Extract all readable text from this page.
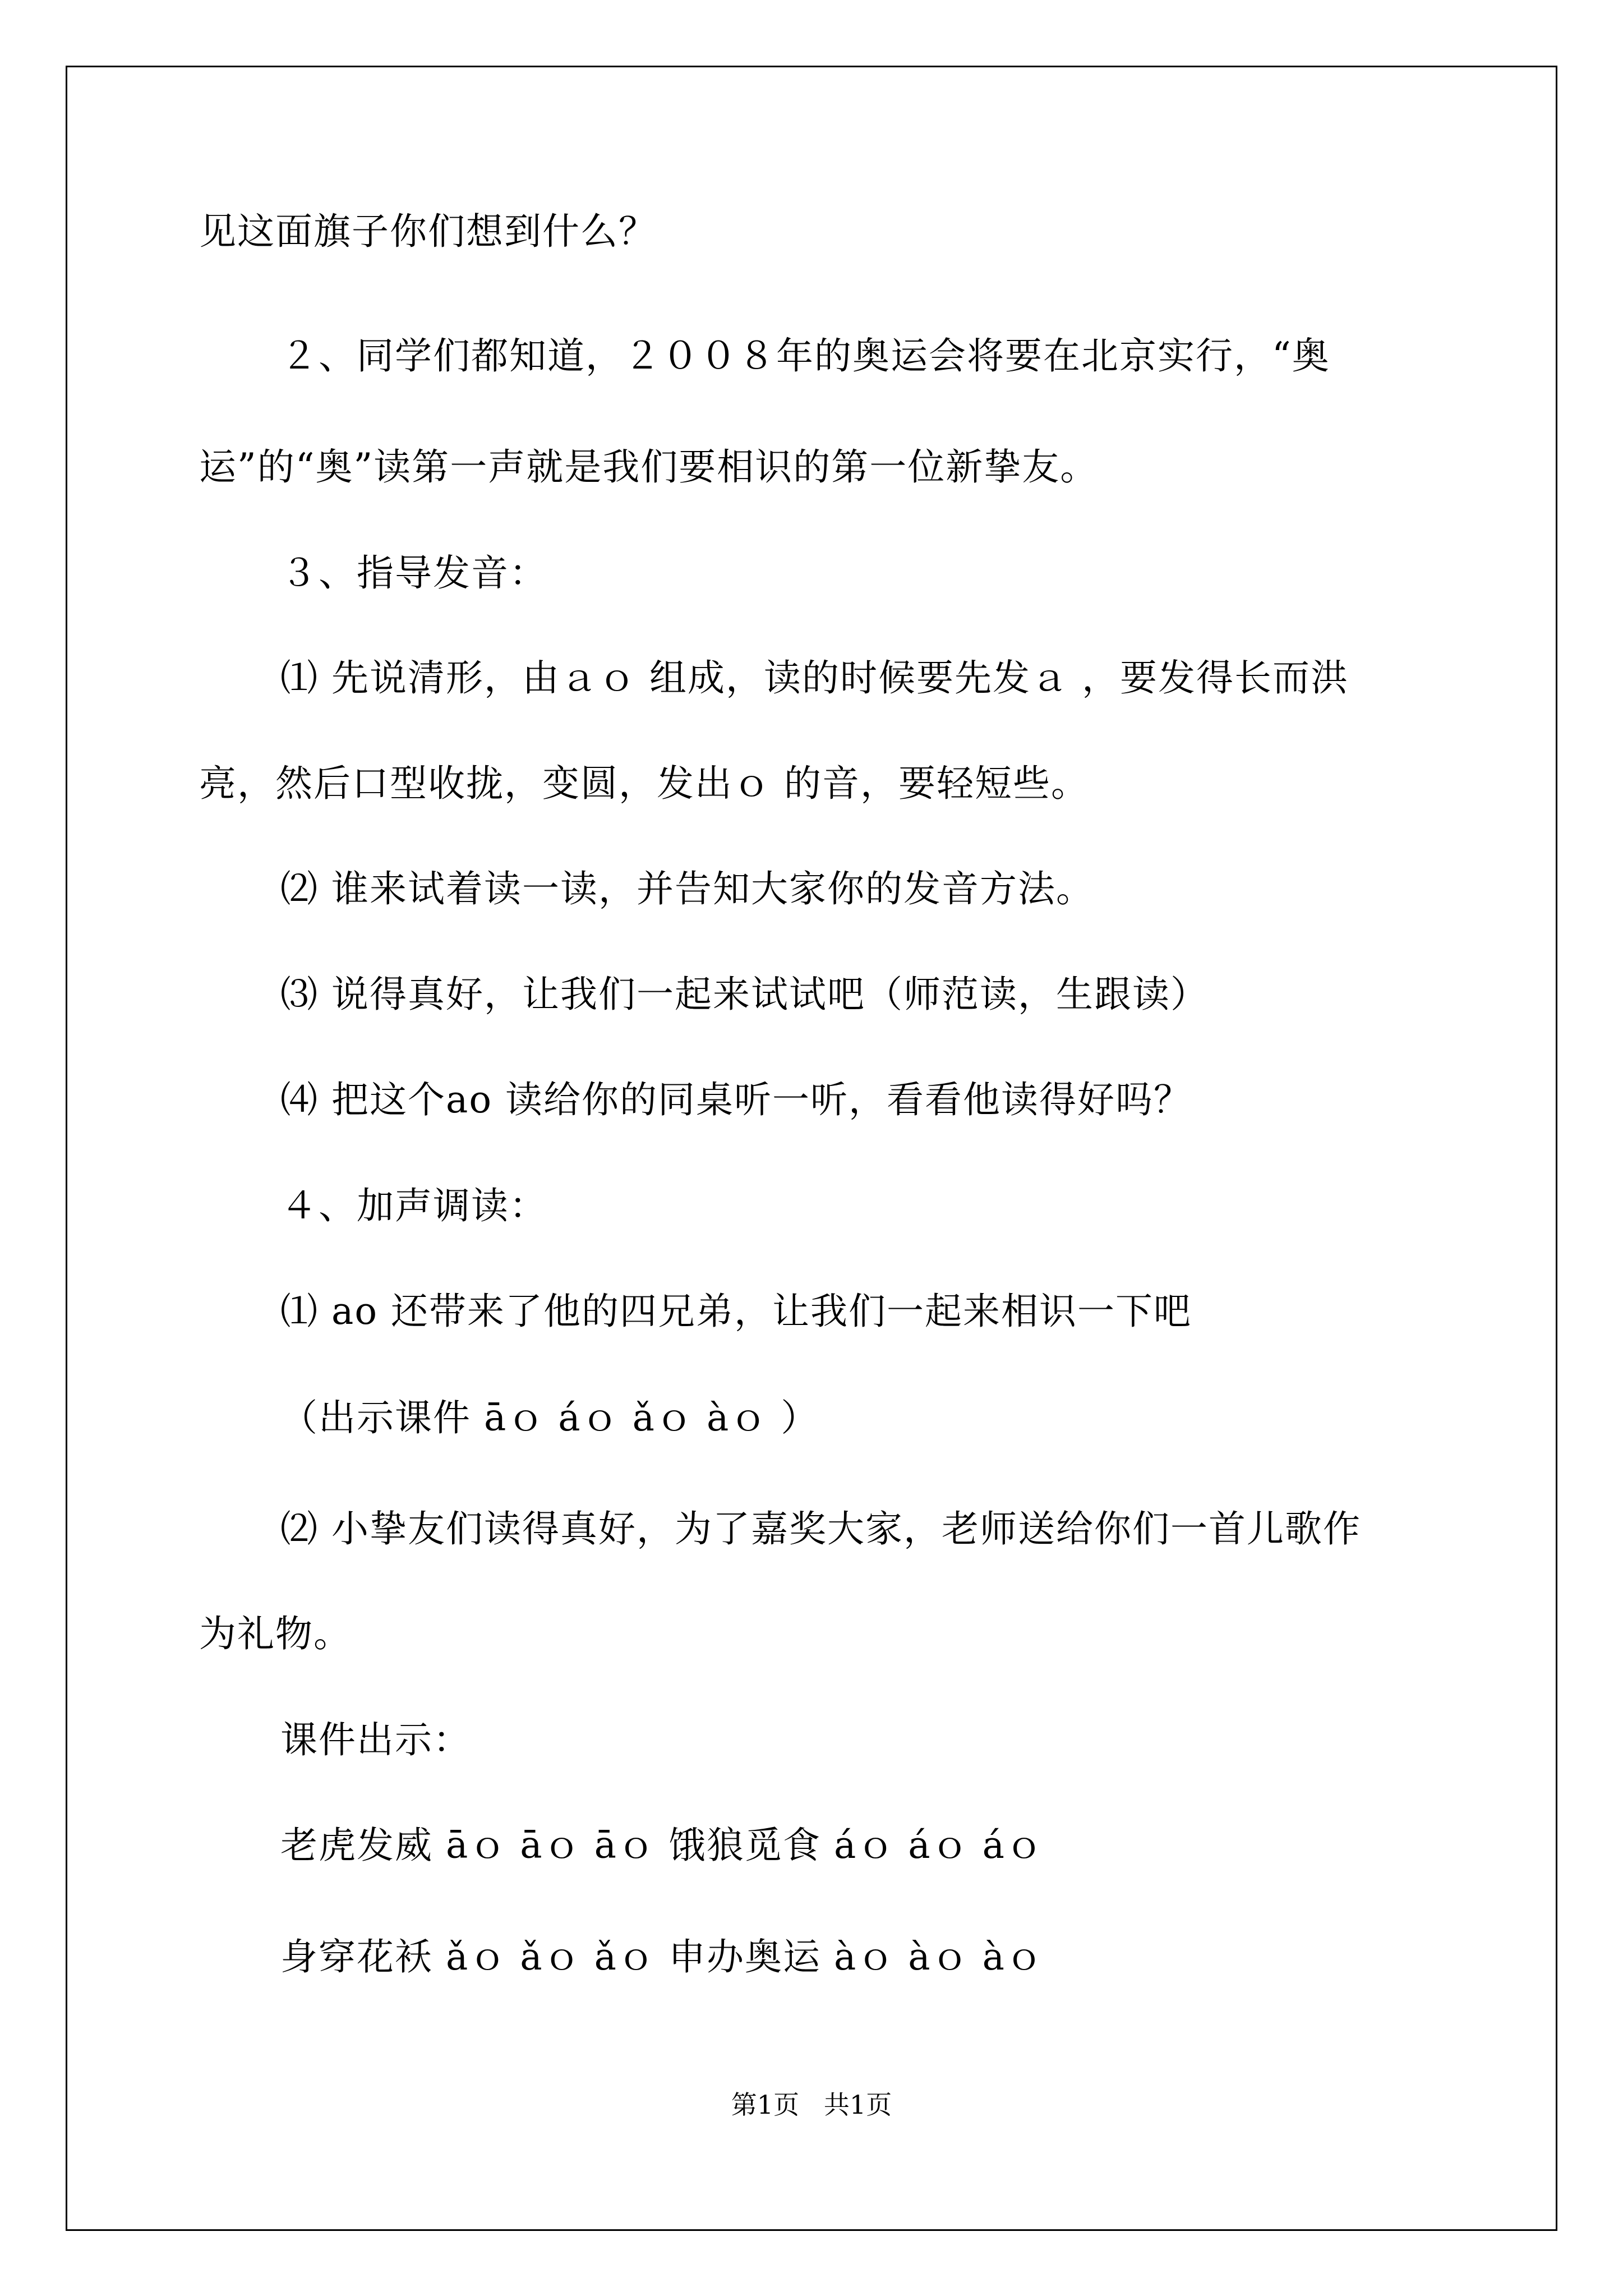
见这面旗子你们想到什么？
２、同学们都知道，２００８年的奥运会将要在北京实行，“奥
运”的“奥”读第一声就是我们要相识的第一位新挚友。
３、指导发音：
⑴ 先说清形，由ａｏ 组成，读的时候要先发ａ ，要发得长而洪
亮，然后口型收拢，变圆，发出ｏ 的音，要轻短些。
⑵ 谁来试着读一读，并告知大家你的发音方法。
⑶ 说得真好，让我们一起来试试吧（师范读，生跟读）
⑷ 把这个ao 读给你的同桌听一听，看看他读得好吗？
４、加声调读：
⑴ ao 还带来了他的四兄弟，让我们一起来相识一下吧
（出示课件 āｏ áｏ ǎｏ àｏ ）
⑵ 小挚友们读得真好，为了嘉奖大家，老师送给你们一首儿歌作
为礼物。
课件出示：
老虎发威 āｏ āｏ āｏ 饿狼觅食 áｏ áｏ áｏ
身穿花袄 ǎｏ ǎｏ ǎｏ 申办奥运 àｏ àｏ àｏ
第1页   共1页
